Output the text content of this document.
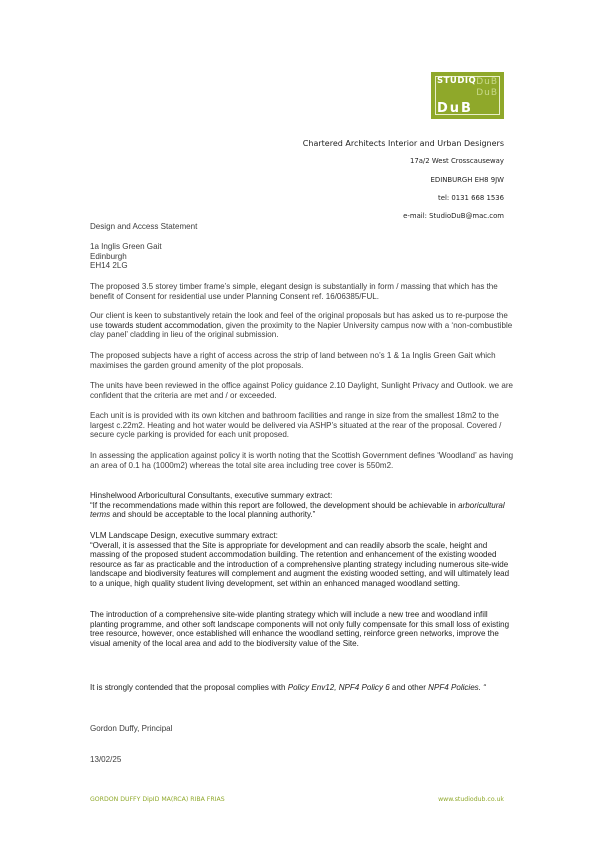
STUDIQ DuB
DuB
DuB
Chartered Architects Interior and Urban Designers
17a/2 West Crosscauseway
EDINBURGH EH8 9JW
tel: 0131 668 1536
e-mail: StudioDuB@mac.com

Design and Access Statement

1a Inglis Green Gait

Edinburgh

EH14 2LG

The proposed 3.5 storey timber frame’s simple, elegant design is substantially in form / massing that which has the benefit of Consent for residential use under Planning Consent ref. 16/06385/FUL.

Our client is keen to substantively retain the look and feel of the original proposals but has asked us to re-purpose the use towards student accommodation, given the proximity to the Napier University campus now with a ‘non-combustible clay panel’ cladding in lieu of the original submission.

The proposed subjects have a right of access across the strip of land between no’s 1 & 1a Inglis Green Gait which maximises the garden ground amenity of the plot proposals.

The units have been reviewed in the office against Policy guidance 2.10 Daylight, Sunlight Privacy and Outlook. we are confident that the criteria are met and / or exceeded.

Each unit is is provided with its own kitchen and bathroom facilities and range in size from the smallest 18m2 to the largest c.22m2. Heating and hot water would be delivered via ASHP’s situated at the rear of the proposal. Covered / secure cycle parking is provided for each unit proposed.

In assessing the application against policy it is worth noting that the Scottish Government defines ‘Woodland’ as having an area of 0.1 ha (1000m2) whereas the total site area including tree cover is 550m2.

Hinshelwood Arboricultural Consultants, executive summary extract:

“If the recommendations made within this report are followed, the development should be achievable in arboricultural terms and should be acceptable to the local planning authority.”

VLM Landscape Design, executive summary extract:

“Overall, it is assessed that the Site is appropriate for development and can readily absorb the scale, height and massing of the proposed student accommodation building. The retention and enhancement of the existing wooded resource as far as practicable and the introduction of a comprehensive planting strategy including numerous site-wide landscape and biodiversity features will complement and augment the existing wooded setting, and will ultimately lead to a unique, high quality student living development, set within an enhanced managed woodland setting.

The introduction of a comprehensive site-wide planting strategy which will include a new tree and woodland infill planting programme, and other soft landscape components will not only fully compensate for this small loss of existing tree resource, however, once established will enhance the woodland setting, reinforce green networks, improve the visual amenity of the local area and add to the biodiversity value of the Site.

It is strongly contended that the proposal complies with Policy Env12, NPF4 Policy 6 and other NPF4 Policies. “

Gordon Duffy, Principal

13/02/25

GORDON DUFFY DipID MA(RCA) RIBA FRIAS	www.studiodub.co.uk
